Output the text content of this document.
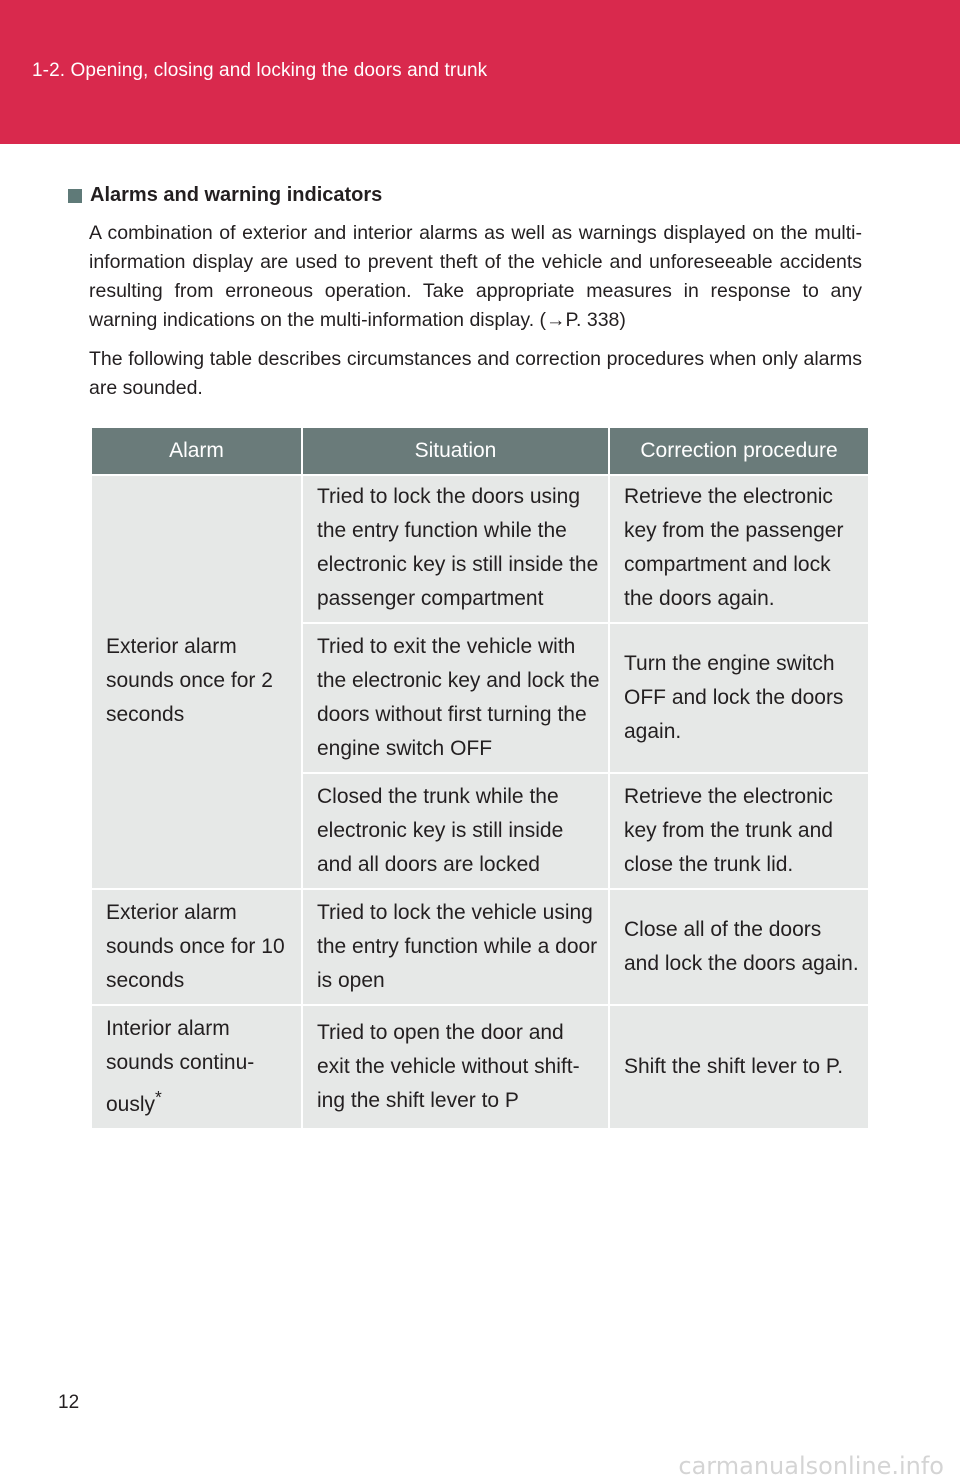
1-2. Opening, closing and locking the doors and trunk
Alarms and warning indicators

A combination of exterior and interior alarms as well as warnings displayed on the multi-information display are used to prevent theft of the vehicle and unforeseeable accidents resulting from erroneous operation. Take appropriate measures in response to any warning indications on the multi-information display. (→P. 338)

The following table describes circumstances and correction procedures when only alarms are sounded.

Alarm	Situation	Correction procedure
Exterior alarm sounds once for 2 seconds	Tried to lock the doors using the entry function while the electronic key is still inside the passenger compartment	Retrieve the electronic key from the passenger compartment and lock the doors again.
	Tried to exit the vehicle with the electronic key and lock the doors without first turning the engine switch OFF	Turn the engine switch OFF and lock the doors again.
	Closed the trunk while the electronic key is still inside and all doors are locked	Retrieve the electronic key from the trunk and close the trunk lid.
Exterior alarm sounds once for 10 seconds	Tried to lock the vehicle using the entry function while a door is open	Close all of the doors and lock the doors again.
Interior alarm sounds continu-ously*	Tried to open the door and exit the vehicle without shift-ing the shift lever to P	Shift the shift lever to P.
12
carmanualsonline.info
